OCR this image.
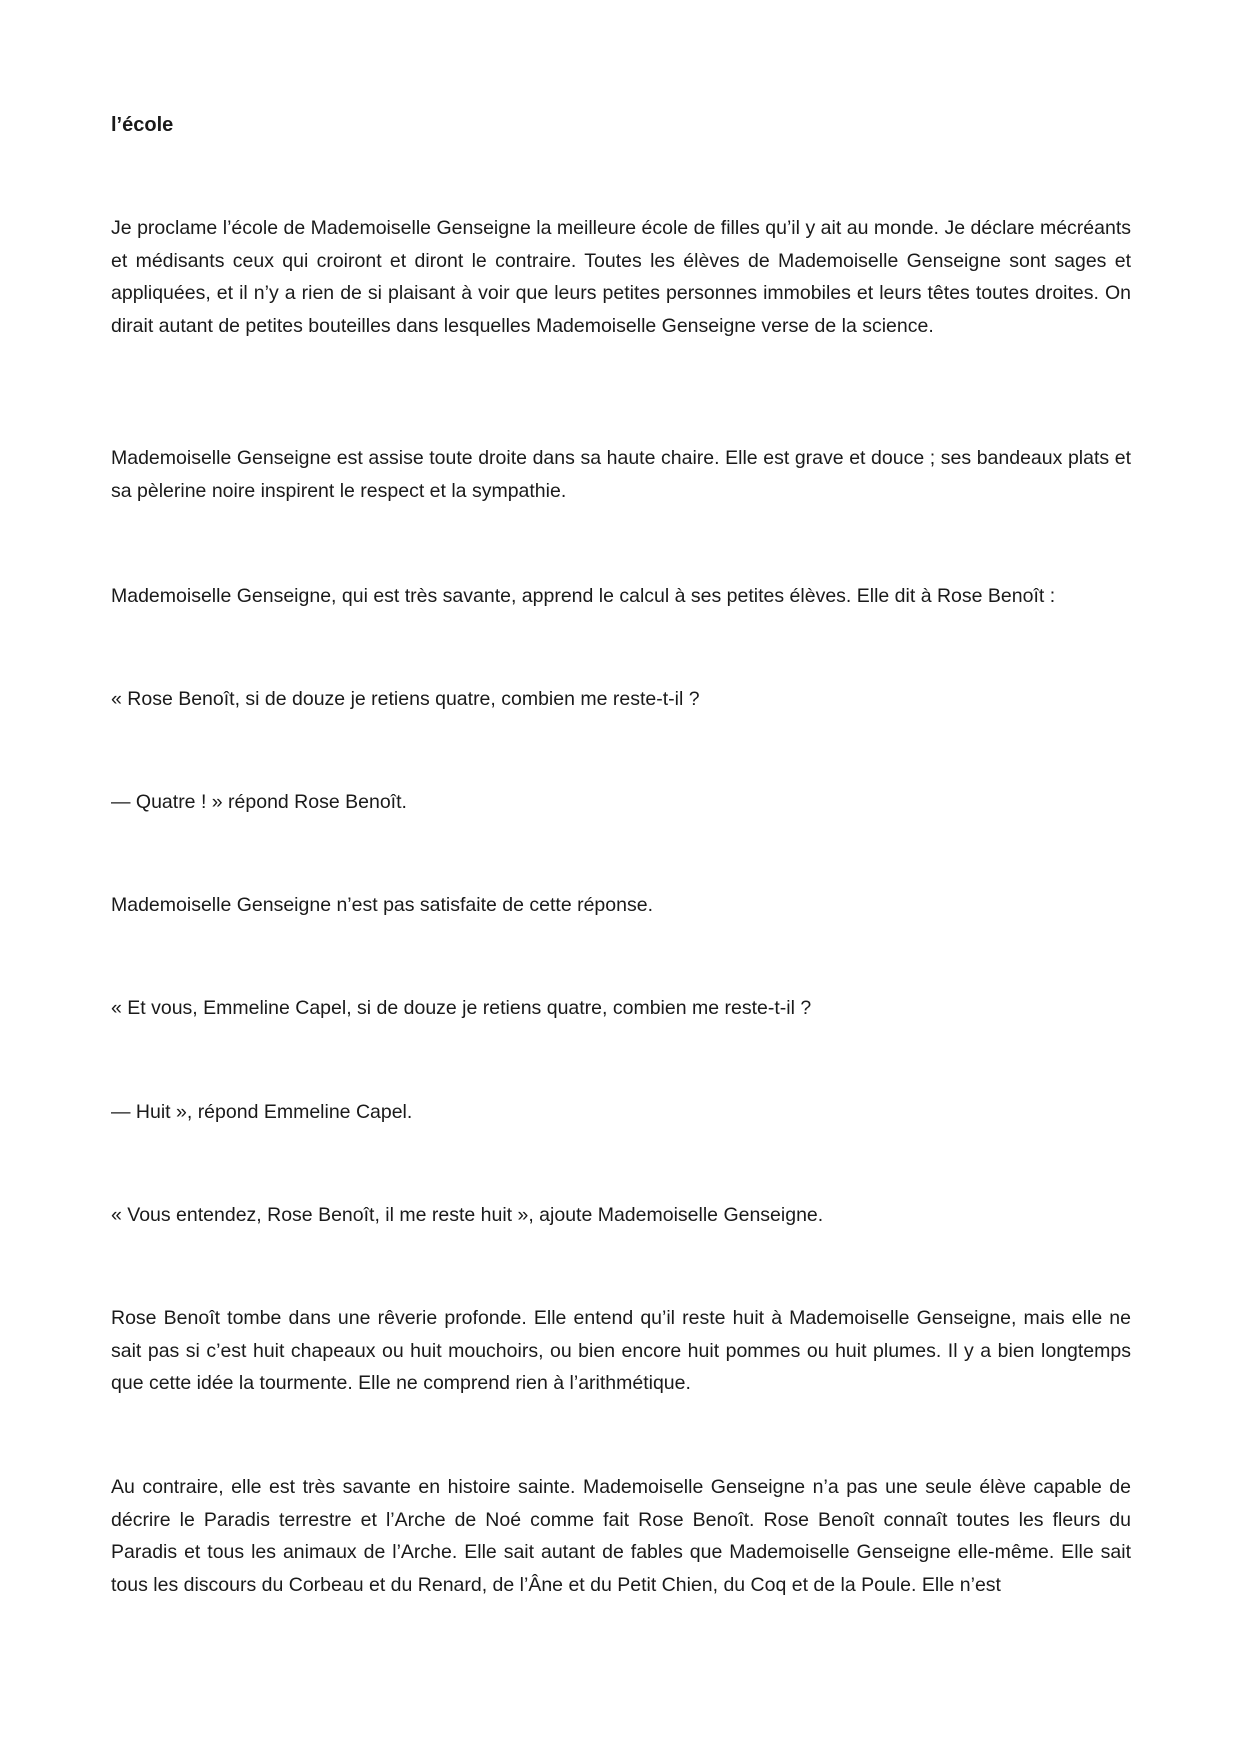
l’école

Je proclame l’école de Mademoiselle Genseigne la meilleure école de filles qu’il y ait au monde. Je déclare mécréants et médisants ceux qui croiront et diront le contraire. Toutes les élèves de Mademoiselle Genseigne sont sages et appliquées, et il n’y a rien de si plaisant à voir que leurs petites personnes immobiles et leurs têtes toutes droites. On dirait autant de petites bouteilles dans lesquelles Mademoiselle Genseigne verse de la science.

Mademoiselle Genseigne est assise toute droite dans sa haute chaire. Elle est grave et douce ; ses bandeaux plats et sa pèlerine noire inspirent le respect et la sympathie.

Mademoiselle Genseigne, qui est très savante, apprend le calcul à ses petites élèves. Elle dit à Rose Benoît :

« Rose Benoît, si de douze je retiens quatre, combien me reste-t-il ?

— Quatre ! » répond Rose Benoît.

Mademoiselle Genseigne n’est pas satisfaite de cette réponse.

« Et vous, Emmeline Capel, si de douze je retiens quatre, combien me reste-t-il ?

— Huit », répond Emmeline Capel.

« Vous entendez, Rose Benoît, il me reste huit », ajoute Mademoiselle Genseigne.

Rose Benoît tombe dans une rêverie profonde. Elle entend qu’il reste huit à Mademoiselle Genseigne, mais elle ne sait pas si c’est huit chapeaux ou huit mouchoirs, ou bien encore huit pommes ou huit plumes. Il y a bien longtemps que cette idée la tourmente. Elle ne comprend rien à l’arithmétique.

Au contraire, elle est très savante en histoire sainte. Mademoiselle Genseigne n’a pas une seule élève capable de décrire le Paradis terrestre et l’Arche de Noé comme fait Rose Benoît. Rose Benoît connaît toutes les fleurs du Paradis et tous les animaux de l’Arche. Elle sait autant de fables que Mademoiselle Genseigne elle-même. Elle sait tous les discours du Corbeau et du Renard, de l’Âne et du Petit Chien, du Coq et de la Poule. Elle n’est
